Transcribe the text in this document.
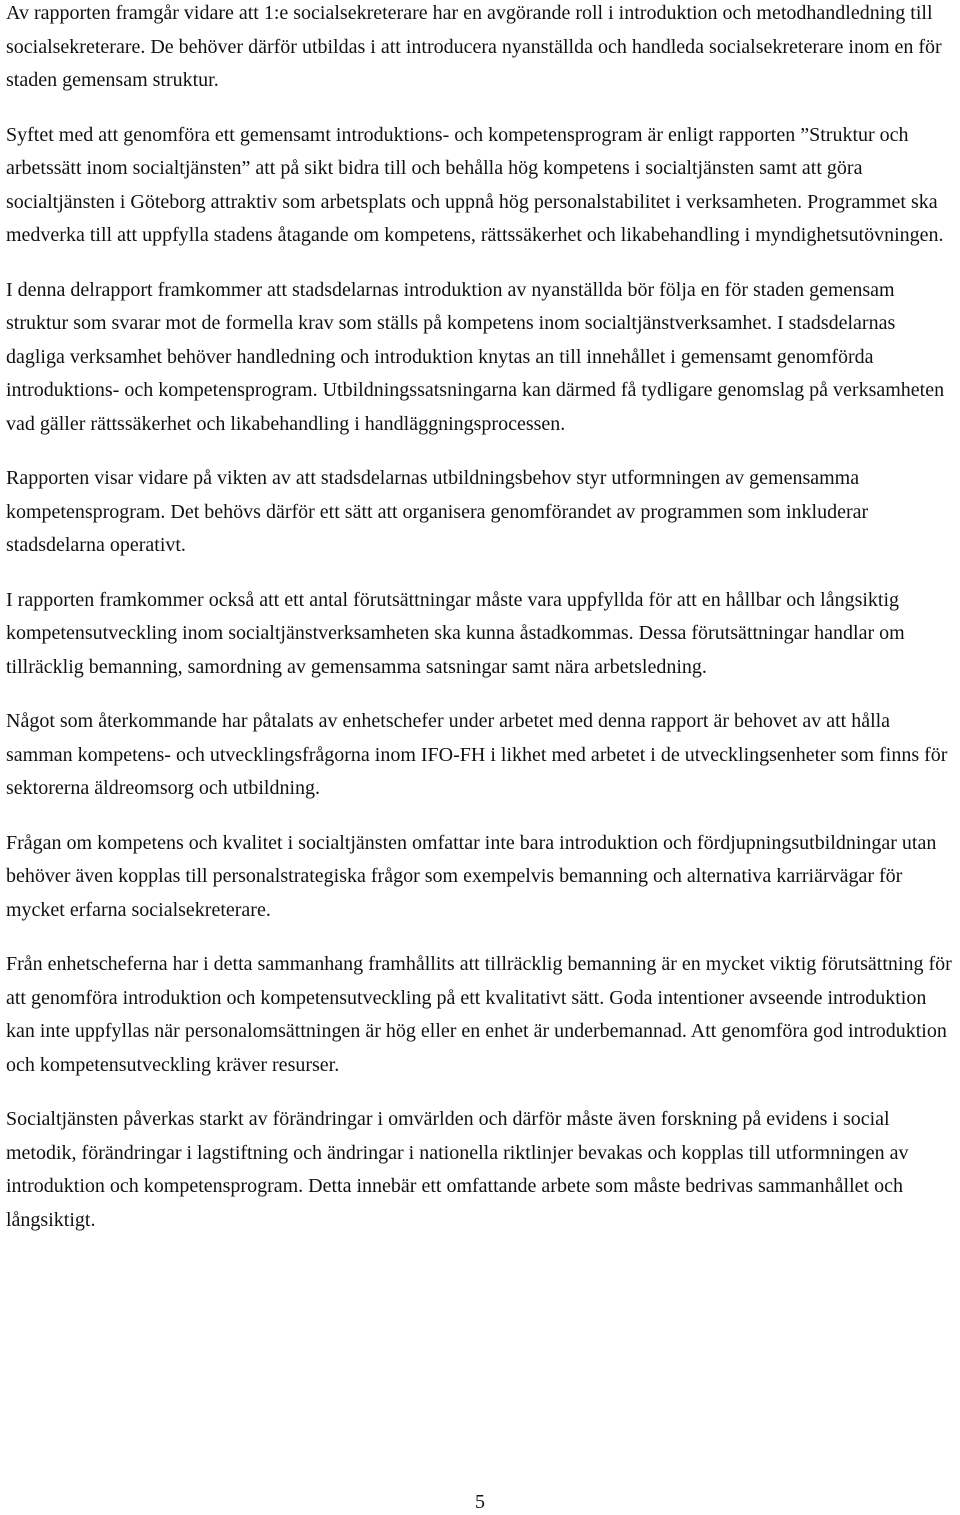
Av rapporten framgår vidare att 1:e socialsekreterare har en avgörande roll i introduktion och metodhandledning till socialsekreterare. De behöver därför utbildas i att introducera nyanställda och handleda socialsekreterare inom en för staden gemensam struktur.

Syftet med att genomföra ett gemensamt introduktions- och kompetensprogram är enligt rapporten ”Struktur och arbetssätt inom socialtjänsten” att på sikt bidra till och behålla hög kompetens i socialtjänsten samt att göra socialtjänsten i Göteborg attraktiv som arbetsplats och uppnå hög personalstabilitet i verksamheten. Programmet ska medverka till att uppfylla stadens åtagande om kompetens, rättssäkerhet och likabehandling i myndighetsutövningen.

I denna delrapport framkommer att stadsdelarnas introduktion av nyanställda bör följa en för staden gemensam struktur som svarar mot de formella krav som ställs på kompetens inom socialtjänstverksamhet. I stadsdelarnas dagliga verksamhet behöver handledning och introduktion knytas an till innehållet i gemensamt genomförda introduktions- och kompetensprogram. Utbildningssatsningarna kan därmed få tydligare genomslag på verksamheten vad gäller rättssäkerhet och likabehandling i handläggningsprocessen.

Rapporten visar vidare på vikten av att stadsdelarnas utbildningsbehov styr utformningen av gemensamma kompetensprogram. Det behövs därför ett sätt att organisera genomförandet av programmen som inkluderar stadsdelarna operativt.

I rapporten framkommer också att ett antal förutsättningar måste vara uppfyllda för att en hållbar och långsiktig kompetensutveckling inom socialtjänstverksamheten ska kunna åstadkommas. Dessa förutsättningar handlar om tillräcklig bemanning, samordning av gemensamma satsningar samt nära arbetsledning.

Något som återkommande har påtalats av enhetschefer under arbetet med denna rapport är behovet av att hålla samman kompetens- och utvecklingsfrågorna inom IFO-FH i likhet med arbetet i de utvecklingsenheter som finns för sektorerna äldreomsorg och utbildning.

Frågan om kompetens och kvalitet i socialtjänsten omfattar inte bara introduktion och fördjupningsutbildningar utan behöver även kopplas till personalstrategiska frågor som exempelvis bemanning och alternativa karriärvägar för mycket erfarna socialsekreterare.

Från enhetscheferna har i detta sammanhang framhållits att tillräcklig bemanning är en mycket viktig förutsättning för att genomföra introduktion och kompetensutveckling på ett kvalitativt sätt. Goda intentioner avseende introduktion kan inte uppfyllas när personalomsättningen är hög eller en enhet är underbemannad. Att genomföra god introduktion och kompetensutveckling kräver resurser.

Socialtjänsten påverkas starkt av förändringar i omvärlden och därför måste även forskning på evidens i social metodik, förändringar i lagstiftning och ändringar i nationella riktlinjer bevakas och kopplas till utformningen av introduktion och kompetensprogram. Detta innebär ett omfattande arbete som måste bedrivas sammanhållet och långsiktigt.

5
